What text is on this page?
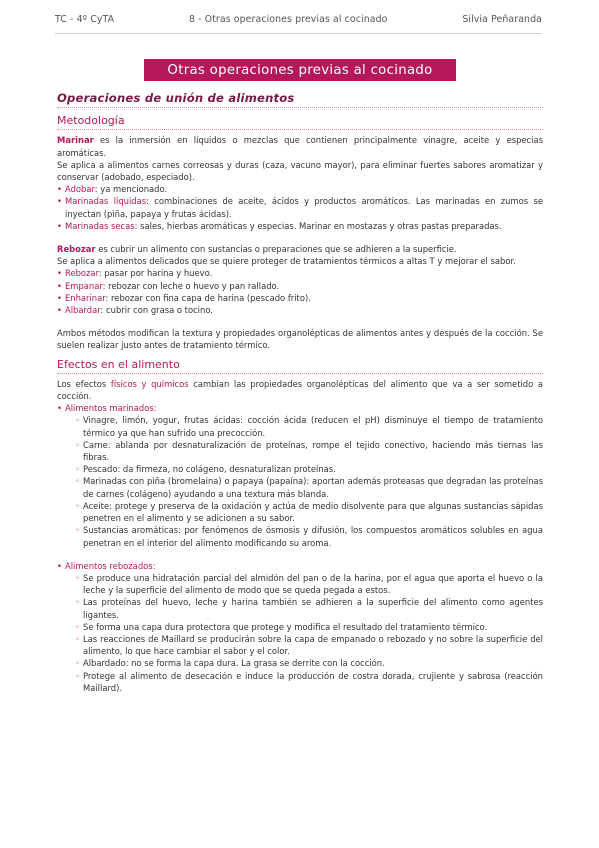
TC - 4º CyTA	8 - Otras operaciones previas al cocinado	Silvia Peñaranda
Otras operaciones previas al cocinado
Operaciones de unión de alimentos
Metodología

Marinar es la inmersión en líquidos o mezclas que contienen principalmente vinagre, aceite y especias aromáticas.

Se aplica a alimentos carnes correosas y duras (caza, vacuno mayor), para eliminar fuertes sabores aromatizar y conservar (adobado, especiado).

• Adobar: ya mencionado.
• Marinadas líquidas: combinaciones de aceite, ácidos y productos aromáticos. Las marinadas en zumos se inyectan (piña, papaya y frutas ácidas).
• Marinadas secas: sales, hierbas aromáticas y especias. Marinar en mostazas y otras pastas preparadas.

Rebozar es cubrir un alimento con sustancias o preparaciones que se adhieren a la superficie.

Se aplica a alimentos delicados que se quiere proteger de tratamientos térmicos a altas T y mejorar el sabor.

• Rebozar: pasar por harina y huevo.
• Empanar: rebozar con leche o huevo y pan rallado.
• Enharinar: rebozar con fina capa de harina (pescado frito).
• Albardar: cubrir con grasa o tocino.

Ambos métodos modifican la textura y propiedades organolépticas de alimentos antes y después de la cocción. Se suelen realizar justo antes de tratamiento térmico.

Efectos en el alimento

Los efectos físicos y químicos cambian las propiedades organolépticas del alimento que va a ser sometido a cocción.

• Alimentos marinados:
◦ Vinagre, limón, yogur, frutas ácidas: cocción ácida (reducen el pH) disminuye el tiempo de tratamiento térmico ya que han sufrido una precocción.
◦ Carne: ablanda por desnaturalización de proteínas, rompe el tejido conectivo, haciendo más tiernas las fibras.
◦ Pescado: da firmeza, no colágeno, desnaturalizan proteínas.
◦ Marinadas con piña (bromelaina) o papaya (papaína): aportan además proteasas que degradan las proteínas de carnes (colágeno) ayudando a una textura más blanda.
◦ Aceite: protege y preserva de la oxidación y actúa de medio disolvente para que algunas sustancias sápidas penetren en el alimento y se adicionen a su sabor.
◦ Sustancias aromáticas: por fenómenos de ósmosis y difusión, los compuestos aromáticos solubles en agua penetran en el interior del alimento modificando su aroma.
• Alimentos rebozados:
◦ Se produce una hidratación parcial del almidón del pan o de la harina, por el agua que aporta el huevo o la leche y la superficie del alimento de modo que se queda pegada a estos.
◦ Las proteínas del huevo, leche y harina también se adhieren a la superficie del alimento como agentes ligantes.
◦ Se forma una capa dura protectora que protege y modifica el resultado del tratamiento térmico.
◦ Las reacciones de Maillard se producirán sobre la capa de empanado o rebozado y no sobre la superficie del alimento, lo que hace cambiar el sabor y el color.
◦ Albardado: no se forma la capa dura. La grasa se derrite con la cocción.
◦ Protege al alimento de desecación e induce la producción de costra dorada, crujiente y sabrosa (reacción Maillard).
